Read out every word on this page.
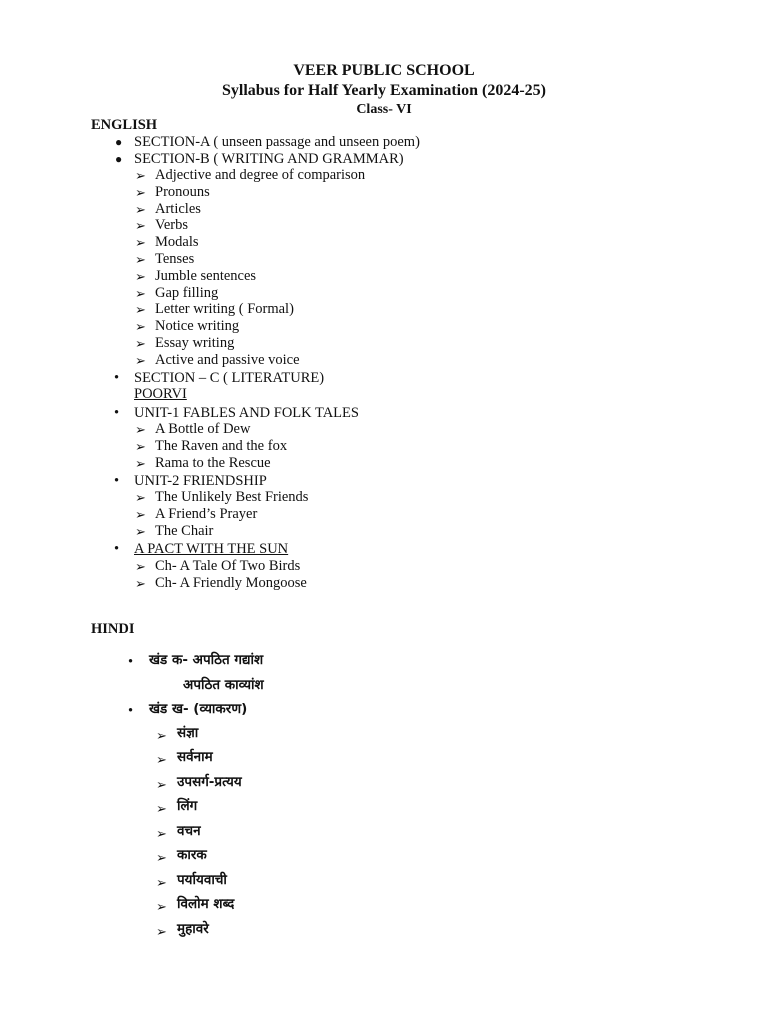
VEER PUBLIC SCHOOL
Syllabus for Half Yearly Examination (2024-25)
Class- VI
ENGLISH
● SECTION-A ( unseen passage and unseen poem)
● SECTION-B ( WRITING AND GRAMMAR)
➢ Adjective and degree of comparison
➢ Pronouns
➢ Articles
➢ Verbs
➢ Modals
➢ Tenses
➢ Jumble sentences
➢ Gap filling
➢ Letter writing ( Formal)
➢ Notice writing
➢ Essay writing
➢ Active and passive voice
• SECTION – C ( LITERATURE)
POORVI
• UNIT-1 FABLES AND FOLK TALES
➢ A Bottle of Dew
➢ The Raven and the fox
➢ Rama to the Rescue
• UNIT-2 FRIENDSHIP
➢ The Unlikely Best Friends
➢ A Friend’s Prayer
➢ The Chair
• A PACT WITH THE SUN
➢ Ch- A Tale Of Two Birds
➢ Ch- A Friendly Mongoose
HINDI
• खंड क- अपठित गद्यांश
अपठित काव्यांश
• खंड ख- (व्याकरण)
➢ संज्ञा
➢ सर्वनाम
➢ उपसर्ग-प्रत्यय
➢ लिंग
➢ वचन
➢ कारक
➢ पर्यायवाची
➢ विलोम शब्द
➢ मुहावरे
